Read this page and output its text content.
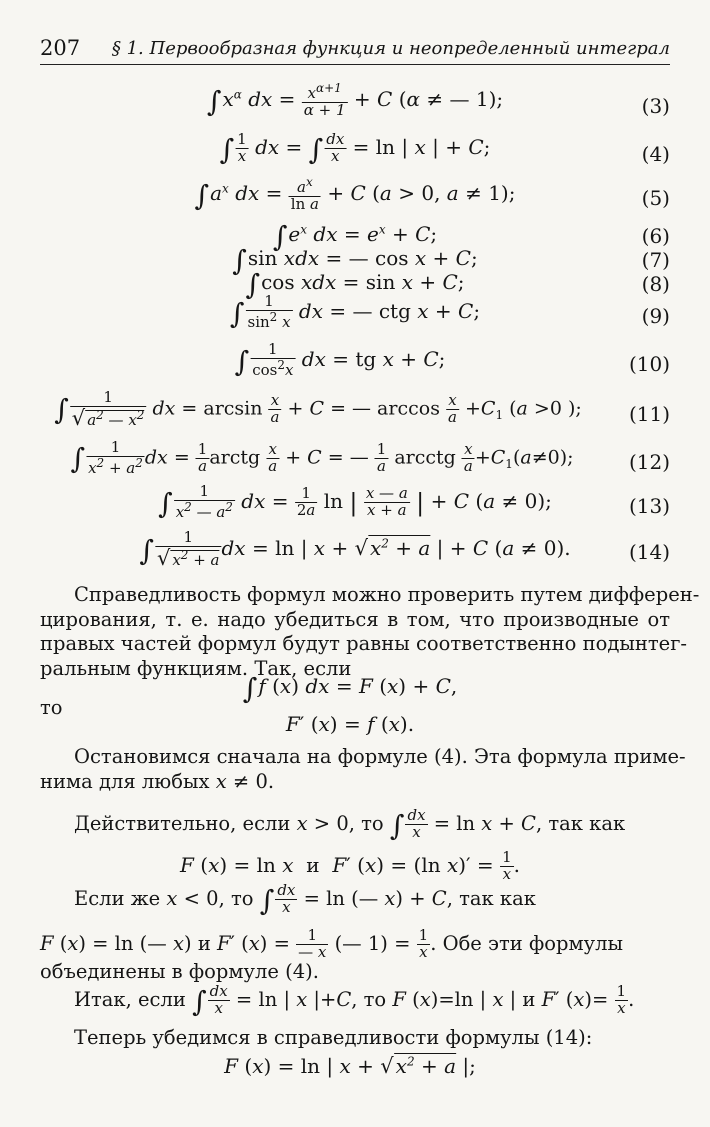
207 § 1. Первообразная функция и неопределенный интеграл
$\int x^\alpha$ dx = $\frac{x^{\alpha+1}}{\alpha + 1} + C$ (α ≠ — 1);	(3)
∫ $\frac{1}{x}$ dx = ∫ $\frac{dx}{x} = \ln$ | x | + C;	(4)
$\int a^x$ dx = $\frac{a^x}{\text{ln a}} + C$ (a > 0, a ≠ 1);	(5)
$\int e^x$ dx = $e^x + C$;	(6)
∫sin xdx = — cos x + C;	(7)
∫cos xdx = sin x + C;	(8)
∫ $\frac{1}{\sin^2 x}$ dx = — ctg x + C;	(9)
∫ $\frac{1}{\cos^2x}$ dx = tg x + C;	(10)
∫ $\frac{1}{√ a^2 — x^2}$ dx = $\arcsin \frac{x}{a} + C$ = — $\arccos \frac{x}{a} +C_1$ (a >0 ); (11)
∫ $\frac{1}{x^2 + a^2}$ dx = $\frac{1}{a}$ arctg $\frac{x}{a} + C$ = — $\frac{1}{a}$ arcctg $\frac{x}{a} +C_1(a\ne 0)$;	(12)
∫ $\frac{1}{x^2 — a^2}$ dx = $\frac{1}{2a}$ ln | $\frac{x — a}{x + a}$ | + C (a ≠ 0);	(13)
∫ $\frac{1}{√ x^2 + a}$ dx = ln | x + √ $x^2 + a$ | + C (a ≠ 0).	(14)
Справедливость формул можно проверить путем дифферен-
цирования, т. е. надо убедиться в том, что производные от
правых частей формул будут равны соответственно подынтег-
ральным функциям. Так, если
∫f (x) dx = F (x) + C,
то
F′ (x) = f (x).
Остановимся сначала на формуле (4). Эта формула приме-
нима для любых x ≠ 0.
Действительно, если x > 0, то ∫ $\frac{dx}{x} = \ln x + C$, так как
F (x) = ln x и F′ (x) = (ln $x)' = \frac{1}{x}$ .
Если же x < 0, то ∫ $\frac{dx}{x} = \ln$ (— x) + C, так как
F (x) = ln (— x) и F′ $(x) = \frac{1}{— x}$ (— $1) = \frac{1}{x}$ . Обе эти формулы
объединены в формуле (4).
Итак, если ∫ $\frac{dx}{x} = \ln$ | x |+C, то F (x)=ln | x | и F′ $(x)= \frac{1}{x}$ .
Теперь убедимся в справедливости формулы (14):
F (x) = ln | x + √ $x^2 + a$ |;
